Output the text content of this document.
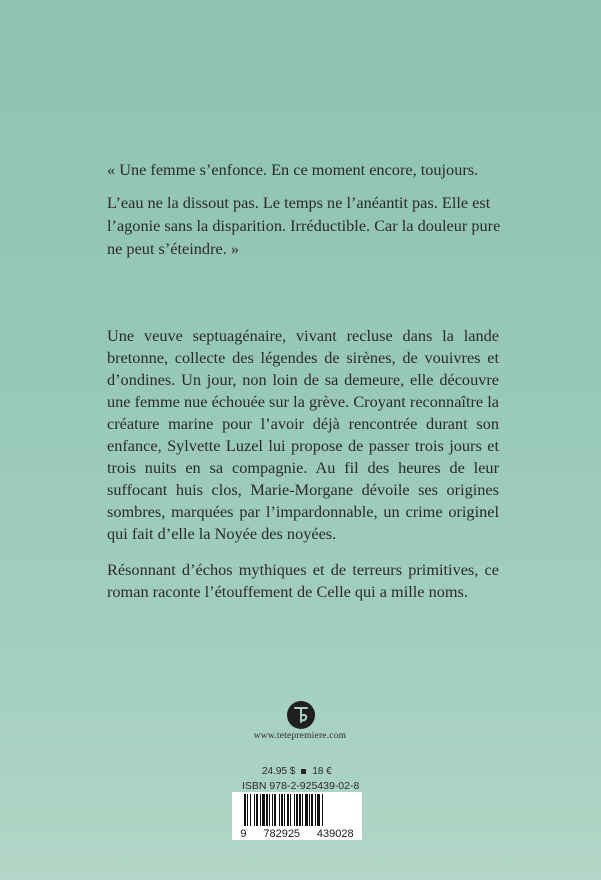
« Une femme s’enfonce. En ce moment encore, toujours.

L’eau ne la dissout pas. Le temps ne l’anéantit pas. Elle est l’agonie sans la disparition. Irréductible. Car la douleur pure ne peut s’éteindre. »

Une veuve septuagénaire, vivant recluse dans la lande bretonne, collecte des légendes de sirènes, de vouivres et d’ondines. Un jour, non loin de sa demeure, elle découvre une femme nue échouée sur la grève. Croyant reconnaître la créature marine pour l’avoir déjà rencontrée durant son enfance, Sylvette Luzel lui propose de passer trois jours et trois nuits en sa compagnie. Au fil des heures de leur suffocant huis clos, Marie-Morgane dévoile ses origines sombres, marquées par l’impardonnable, un crime originel qui fait d’elle la Noyée des noyées.

Résonnant d’échos mythiques et de terreurs primitives, ce roman raconte l’étouffement de Celle qui a mille noms.

www.tetepremiere.com
24.95 $ 18 €
ISBN 978-2-925439-02-8
9 782925 439028
